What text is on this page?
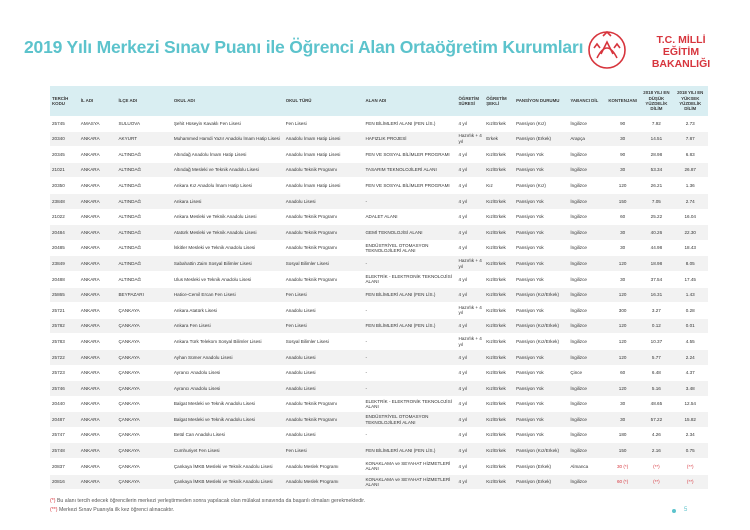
2019 Yılı Merkezi Sınav Puanı ile Öğrenci Alan Ortaöğretim Kurumları	T.C. MİLLİ EĞİTİM
BAKANLIĞI
TERCİH KODU	İL ADI	İLÇE ADI	OKUL ADI	OKUL TÜRÜ	ALAN ADI	ÖĞRETİM SÜRESİ	ÖĞRETİM ŞEKLİ	PANSİYON DURUMU	YABANCI DİL	KONTENJANI	2018 YILI EN DÜŞÜK YÜZDELİK DİLİM	2018 YILI EN YÜKSEK YÜZDELİK DİLİM
25745	AMASYA	SULUOVA	Şehit Hüseyin Kavaklı Fen Lisesi	Fen Lisesi	FEN BİLİMLERİ ALANI (FEN LİS.)	4 yıl	Kız/Erkek	Pansiyon (Kız)	İngilizce	90	7.92	2.73
20340	ANKARA	AKYURT	Muhammed Hamdi Yazır Anadolu İmam Hatip Lisesi	Anadolu İmam Hatip Lisesi	HAFIZLIK PROJESİ	Hazırlık + 4 yıl	Erkek	Pansiyon (Erkek)	Arapça	30	14.51	7.87
20345	ANKARA	ALTINDAĞ	Altındağ Anadolu İmam Hatip Lisesi	Anadolu İmam Hatip Lisesi	FEN VE SOSYAL BİLİMLER PROGRAMI	4 yıl	Kız/Erkek	Pansiyon Yok	İngilizce	90	28.98	6.83
21021	ANKARA	ALTINDAĞ	Altındağ Mesleki ve Teknik Anadolu Lisesi	Anadolu Teknik Programı	TASARIM TEKNOLOJİLERİ ALANI	4 yıl	Kız/Erkek	Pansiyon Yok	İngilizce	30	53.34	26.87
20350	ANKARA	ALTINDAĞ	Ankara Kız Anadolu İmam Hatip Lisesi	Anadolu İmam Hatip Lisesi	FEN VE SOSYAL BİLİMLER PROGRAMI	4 yıl	Kız	Pansiyon (Kız)	İngilizce	120	26.21	1.36
23848	ANKARA	ALTINDAĞ	Ankara Lisesi	Anadolu Lisesi	-	4 yıl	Kız/Erkek	Pansiyon Yok	İngilizce	150	7.05	2.74
21022	ANKARA	ALTINDAĞ	Ankara Mesleki ve Teknik Anadolu Lisesi	Anadolu Teknik Programı	ADALET ALANI	4 yıl	Kız/Erkek	Pansiyon Yok	İngilizce	60	25.22	16.04
20484	ANKARA	ALTINDAĞ	Atatürk Mesleki ve Teknik Anadolu Lisesi	Anadolu Teknik Programı	GEMİ TEKNOLOJİSİ ALANI	4 yıl	Kız/Erkek	Pansiyon Yok	İngilizce	30	40.26	22.30
20485	ANKARA	ALTINDAĞ	İskitler Mesleki ve Teknik Anadolu Lisesi	Anadolu Teknik Programı	ENDÜSTRİYEL OTOMASYON TEKNOLOJİLERİ ALANI	4 yıl	Kız/Erkek	Pansiyon Yok	İngilizce	30	44.98	18.43
23849	ANKARA	ALTINDAĞ	Sabahattin Zaim Sosyal Bilimler Lisesi	Sosyal Bilimler Lisesi	-	Hazırlık + 4 yıl	Kız/Erkek	Pansiyon Yok	İngilizce	120	18.98	8.05
20488	ANKARA	ALTINDAĞ	Ulus Mesleki ve Teknik Anadolu Lisesi	Anadolu Teknik Programı	ELEKTRİK - ELEKTRONİK TEKNOLOJİSİ ALANI	4 yıl	Kız/Erkek	Pansiyon Yok	İngilizce	30	37.54	17.45
25865	ANKARA	BEYPAZARI	Hatice-Cemil Ercan Fen Lisesi	Fen Lisesi	FEN BİLİMLERİ ALANI (FEN LİS.)	4 yıl	Kız/Erkek	Pansiyon (Kız/Erkek)	İngilizce	120	16.31	1.43
25721	ANKARA	ÇANKAYA	Ankara Atatürk Lisesi	Anadolu Lisesi	-	Hazırlık + 4 yıl	Kız/Erkek	Pansiyon Yok	İngilizce	300	3.27	0.28
25782	ANKARA	ÇANKAYA	Ankara Fen Lisesi	Fen Lisesi	FEN BİLİMLERİ ALANI (FEN LİS.)	4 yıl	Kız/Erkek	Pansiyon (Kız/Erkek)	İngilizce	120	0.12	0.01
25783	ANKARA	ÇANKAYA	Ankara Türk Telekom Sosyal Bilimler Lisesi	Sosyal Bilimler Lisesi	-	Hazırlık + 4 yıl	Kız/Erkek	Pansiyon (Kız/Erkek)	İngilizce	120	10.37	4.55
25722	ANKARA	ÇANKAYA	Ayhan Sümer Anadolu Lisesi	Anadolu Lisesi	-	4 yıl	Kız/Erkek	Pansiyon Yok	İngilizce	120	5.77	2.24
25723	ANKARA	ÇANKAYA	Ayrancı Anadolu Lisesi	Anadolu Lisesi	-	4 yıl	Kız/Erkek	Pansiyon Yok	Çince	60	6.48	4.37
25746	ANKARA	ÇANKAYA	Ayrancı Anadolu Lisesi	Anadolu Lisesi	-	4 yıl	Kız/Erkek	Pansiyon Yok	İngilizce	120	5.16	3.48
20440	ANKARA	ÇANKAYA	Balgat Mesleki ve Teknik Anadolu Lisesi	Anadolu Teknik Programı	ELEKTRİK - ELEKTRONİK TEKNOLOJİSİ ALANI	4 yıl	Kız/Erkek	Pansiyon Yok	İngilizce	30	48.65	12.54
20487	ANKARA	ÇANKAYA	Balgat Mesleki ve Teknik Anadolu Lisesi	Anadolu Teknik Programı	ENDÜSTRİYEL OTOMASYON TEKNOLOJİLERİ ALANI	4 yıl	Kız/Erkek	Pansiyon Yok	İngilizce	30	57.22	15.82
25747	ANKARA	ÇANKAYA	Betül Can Anadolu Lisesi	Anadolu Lisesi	-	4 yıl	Kız/Erkek	Pansiyon Yok	İngilizce	180	4.26	2.34
25748	ANKARA	ÇANKAYA	Cumhuriyet Fen Lisesi	Fen Lisesi	FEN BİLİMLERİ ALANI (FEN LİS.)	4 yıl	Kız/Erkek	Pansiyon (Kız/Erkek)	İngilizce	150	2.16	0.75
20837	ANKARA	ÇANKAYA	Çankaya İMKB Mesleki ve Teknik Anadolu Lisesi	Anadolu Meslek Programı	KONAKLAMA ve SEYAHAT HİZMETLERİ ALANI	4 yıl	Kız/Erkek	Pansiyon (Erkek)	Almanca	30 (*)	(**)	(**)
20816	ANKARA	ÇANKAYA	Çankaya İMKB Mesleki ve Teknik Anadolu Lisesi	Anadolu Meslek Programı	KONAKLAMA ve SEYAHAT HİZMETLERİ ALANI	4 yıl	Kız/Erkek	Pansiyon (Erkek)	İngilizce	60 (*)	(**)	(**)
(*) Bu alanı tercih edecek öğrencilerin merkezi yerleştirmeden sonra yapılacak olan mülakat sınavında da başarılı olmaları gerekmektedir.
(**) Merkezi Sınav Puanıyla ilk kez öğrenci alınacaktır.	5
